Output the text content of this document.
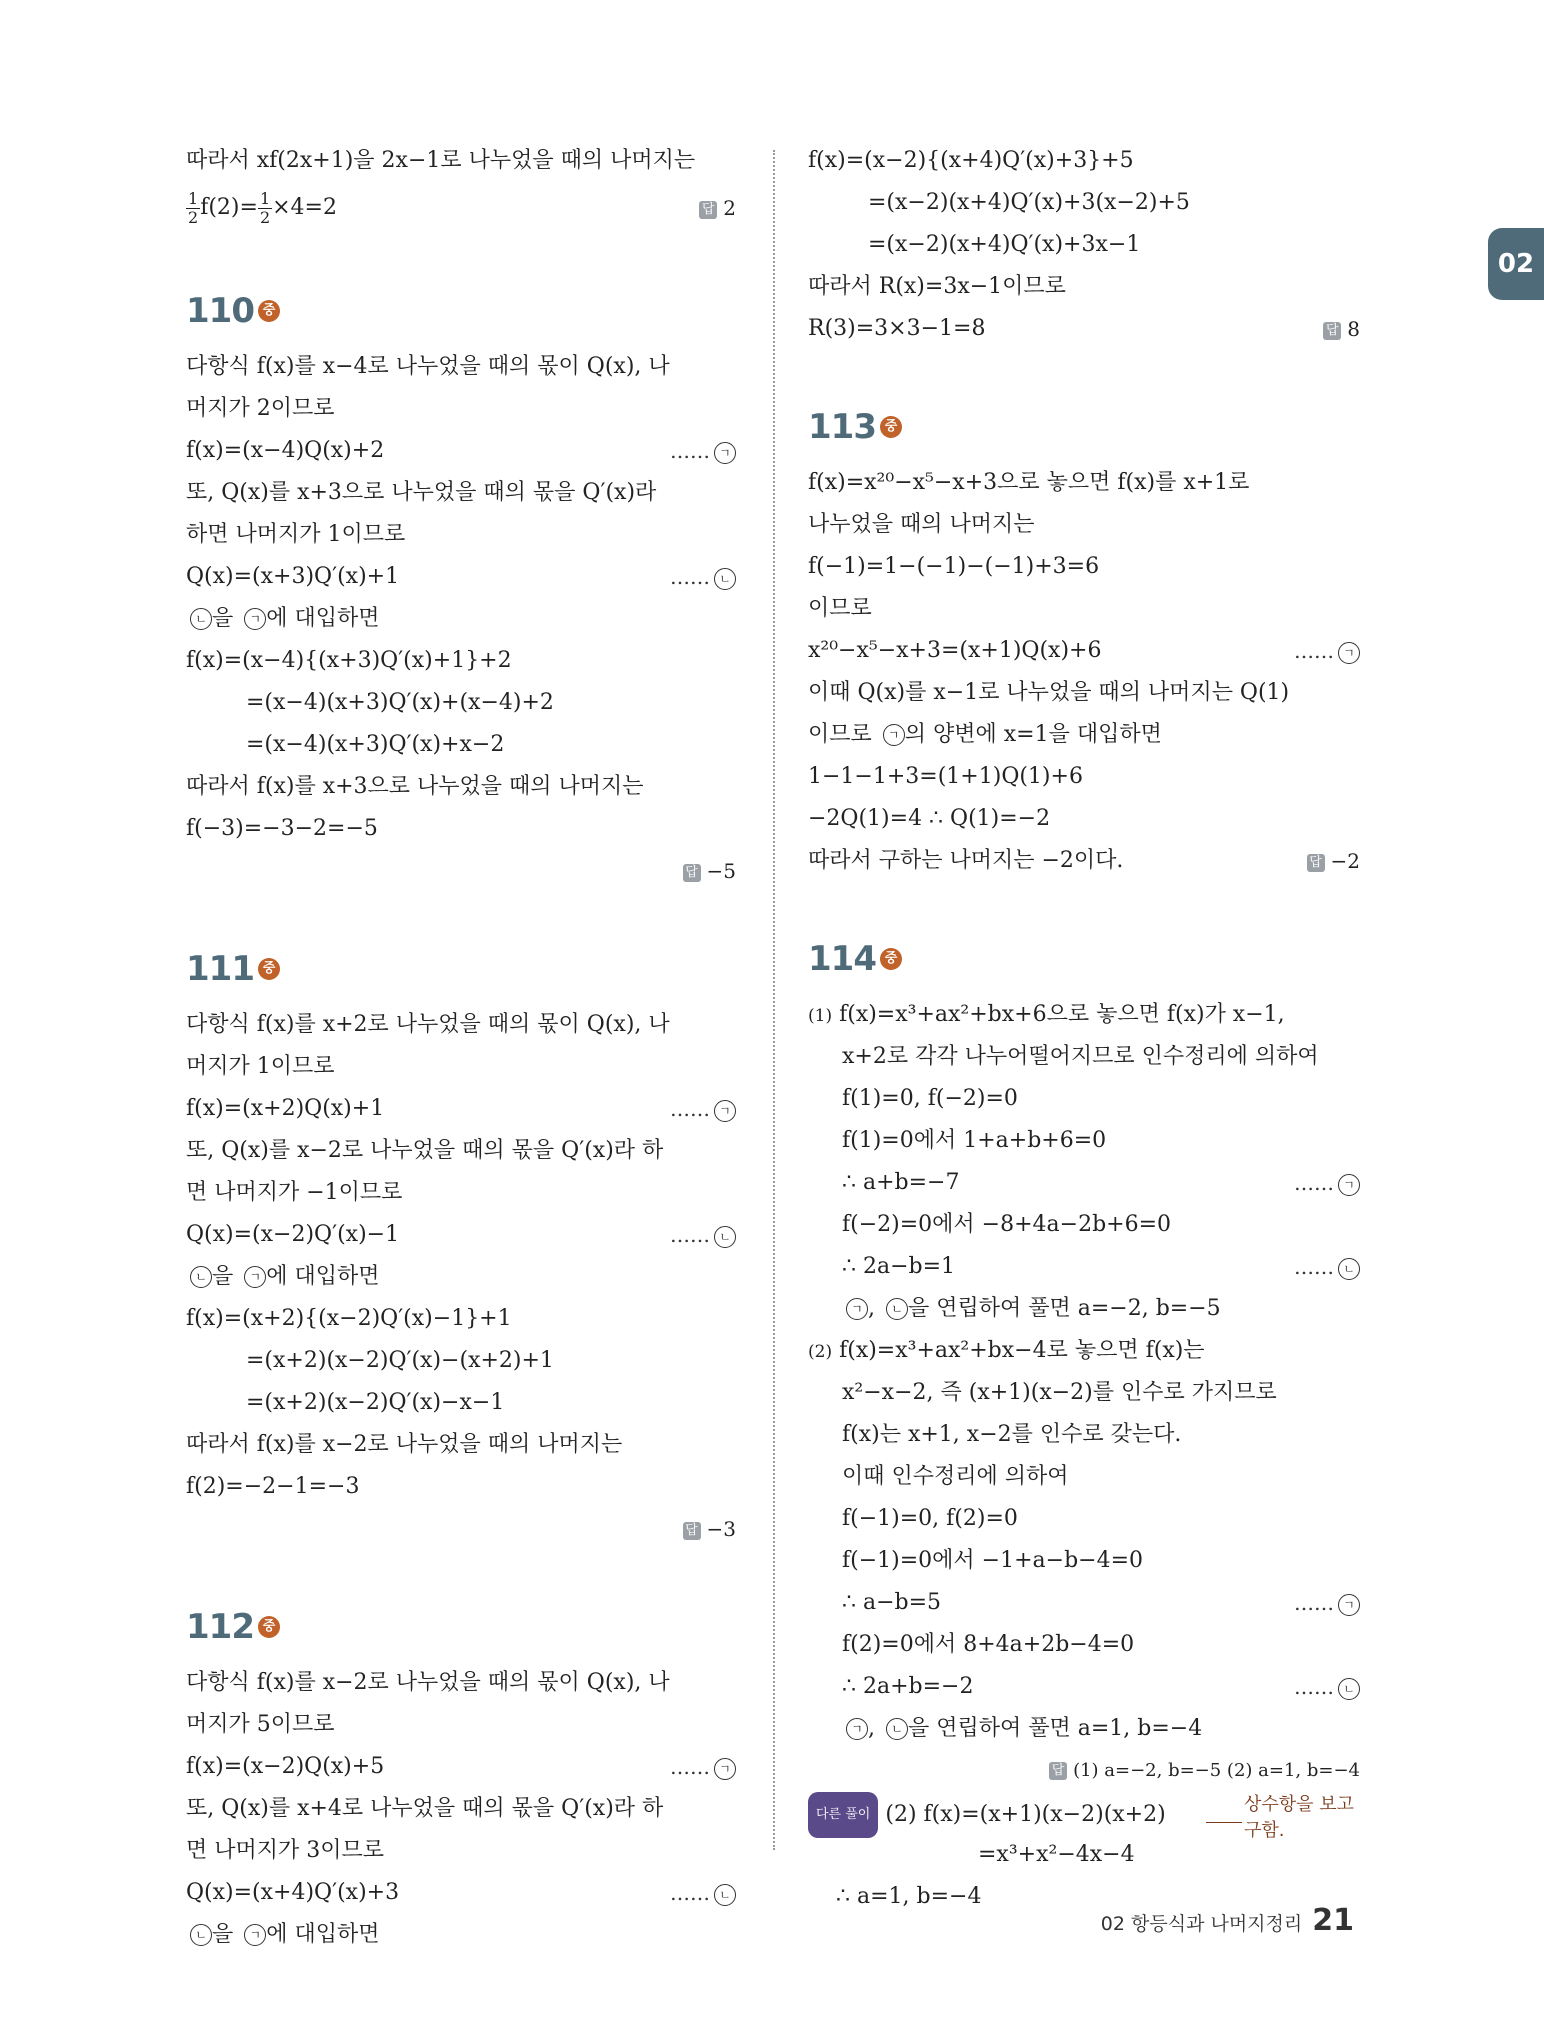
02
따라서 xf(2x+1)을 2x−1로 나누었을 때의 나머지는
$\frac{1}{2} f(2)= \frac{1}{2} \times 4=2$	답 2
110 중
다항식 f(x)를 x−4로 나누었을 때의 몫이 Q(x), 나
머지가 2이므로
f(x)=(x−4)Q(x)+2	…… ㄱ
또, Q(x)를 x+3으로 나누었을 때의 몫을 Q′(x)라
하면 나머지가 1이므로
Q(x)=(x+3)Q′(x)+1	…… ㄴ
ㄴ 을 ㄱ 에 대입하면
f(x)=(x−4){(x+3)Q′(x)+1}+2
=(x−4)(x+3)Q′(x)+(x−4)+2
=(x−4)(x+3)Q′(x)+x−2
따라서 f(x)를 x+3으로 나누었을 때의 나머지는
f(−3)=−3−2=−5
답 −5
111 중
다항식 f(x)를 x+2로 나누었을 때의 몫이 Q(x), 나
머지가 1이므로
f(x)=(x+2)Q(x)+1	…… ㄱ
또, Q(x)를 x−2로 나누었을 때의 몫을 Q′(x)라 하
면 나머지가 −1이므로
Q(x)=(x−2)Q′(x)−1	…… ㄴ
ㄴ 을 ㄱ 에 대입하면
f(x)=(x+2){(x−2)Q′(x)−1}+1
=(x+2)(x−2)Q′(x)−(x+2)+1
=(x+2)(x−2)Q′(x)−x−1
따라서 f(x)를 x−2로 나누었을 때의 나머지는
f(2)=−2−1=−3
답 −3
112 중
다항식 f(x)를 x−2로 나누었을 때의 몫이 Q(x), 나
머지가 5이므로
f(x)=(x−2)Q(x)+5	…… ㄱ
또, Q(x)를 x+4로 나누었을 때의 몫을 Q′(x)라 하
면 나머지가 3이므로
Q(x)=(x+4)Q′(x)+3	…… ㄴ
ㄴ 을 ㄱ 에 대입하면
f(x)=(x−2){(x+4)Q′(x)+3}+5
=(x−2)(x+4)Q′(x)+3(x−2)+5
=(x−2)(x+4)Q′(x)+3x−1
따라서 R(x)=3x−1이므로
R(3)=3×3−1=8	답 8
113 중
f(x)=x²⁰−x⁵−x+3으로 놓으면 f(x)를 x+1로
나누었을 때의 나머지는
f(−1)=1−(−1)−(−1)+3=6
이므로
x²⁰−x⁵−x+3=(x+1)Q(x)+6	…… ㄱ
이때 Q(x)를 x−1로 나누었을 때의 나머지는 Q(1)
이므로 ㄱ 의 양변에 x=1을 대입하면
1−1−1+3=(1+1)Q(1)+6
−2Q(1)=4 ∴ Q(1)=−2
따라서 구하는 나머지는 −2이다.	답 −2
114 중
(1) f(x)=x³+ax²+bx+6으로 놓으면 f(x)가 x−1,
x+2로 각각 나누어떨어지므로 인수정리에 의하여
f(1)=0, f(−2)=0
f(1)=0에서 1+a+b+6=0
∴ a+b=−7	…… ㄱ
f(−2)=0에서 −8+4a−2b+6=0
∴ 2a−b=1	…… ㄴ
ㄱ , ㄴ 을 연립하여 풀면 a=−2, b=−5
(2) f(x)=x³+ax²+bx−4로 놓으면 f(x)는
x²−x−2, 즉 (x+1)(x−2)를 인수로 가지므로
f(x)는 x+1, x−2를 인수로 갖는다.
이때 인수정리에 의하여
f(−1)=0, f(2)=0
f(−1)=0에서 −1+a−b−4=0
∴ a−b=5	…… ㄱ
f(2)=0에서 8+4a+2b−4=0
∴ 2a+b=−2	…… ㄴ
ㄱ , ㄴ 을 연립하여 풀면 a=1, b=−4
답 (1) a=−2, b=−5 (2) a=1, b=−4
다른 풀이 (2) f(x)=(x+1)(x−2)(x+2)	상수항을 보고
구함.
=x³+x²−4x−4
∴ a=1, b=−4
02 항등식과 나머지정리 21
